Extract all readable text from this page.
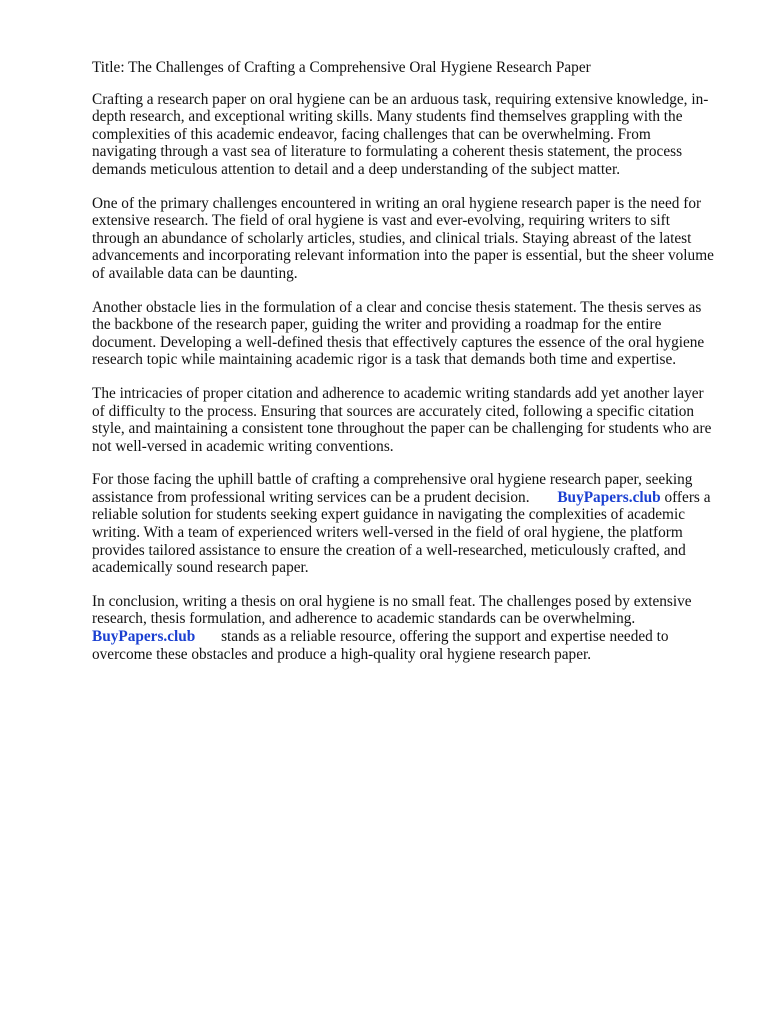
Title: The Challenges of Crafting a Comprehensive Oral Hygiene Research Paper

Crafting a research paper on oral hygiene can be an arduous task, requiring extensive knowledge, in-depth research, and exceptional writing skills. Many students find themselves grappling with the complexities of this academic endeavor, facing challenges that can be overwhelming. From navigating through a vast sea of literature to formulating a coherent thesis statement, the process demands meticulous attention to detail and a deep understanding of the subject matter.

One of the primary challenges encountered in writing an oral hygiene research paper is the need for extensive research. The field of oral hygiene is vast and ever-evolving, requiring writers to sift through an abundance of scholarly articles, studies, and clinical trials. Staying abreast of the latest advancements and incorporating relevant information into the paper is essential, but the sheer volume of available data can be daunting.

Another obstacle lies in the formulation of a clear and concise thesis statement. The thesis serves as the backbone of the research paper, guiding the writer and providing a roadmap for the entire document. Developing a well-defined thesis that effectively captures the essence of the oral hygiene research topic while maintaining academic rigor is a task that demands both time and expertise.

The intricacies of proper citation and adherence to academic writing standards add yet another layer of difficulty to the process. Ensuring that sources are accurately cited, following a specific citation style, and maintaining a consistent tone throughout the paper can be challenging for students who are not well-versed in academic writing conventions.

For those facing the uphill battle of crafting a comprehensive oral hygiene research paper, seeking assistance from professional writing services can be a prudent decision. BuyPapers.club offers a reliable solution for students seeking expert guidance in navigating the complexities of academic writing. With a team of experienced writers well-versed in the field of oral hygiene, the platform provides tailored assistance to ensure the creation of a well-researched, meticulously crafted, and academically sound research paper.

In conclusion, writing a thesis on oral hygiene is no small feat. The challenges posed by extensive research, thesis formulation, and adherence to academic standards can be overwhelming. BuyPapers.club stands as a reliable resource, offering the support and expertise needed to overcome these obstacles and produce a high-quality oral hygiene research paper.
